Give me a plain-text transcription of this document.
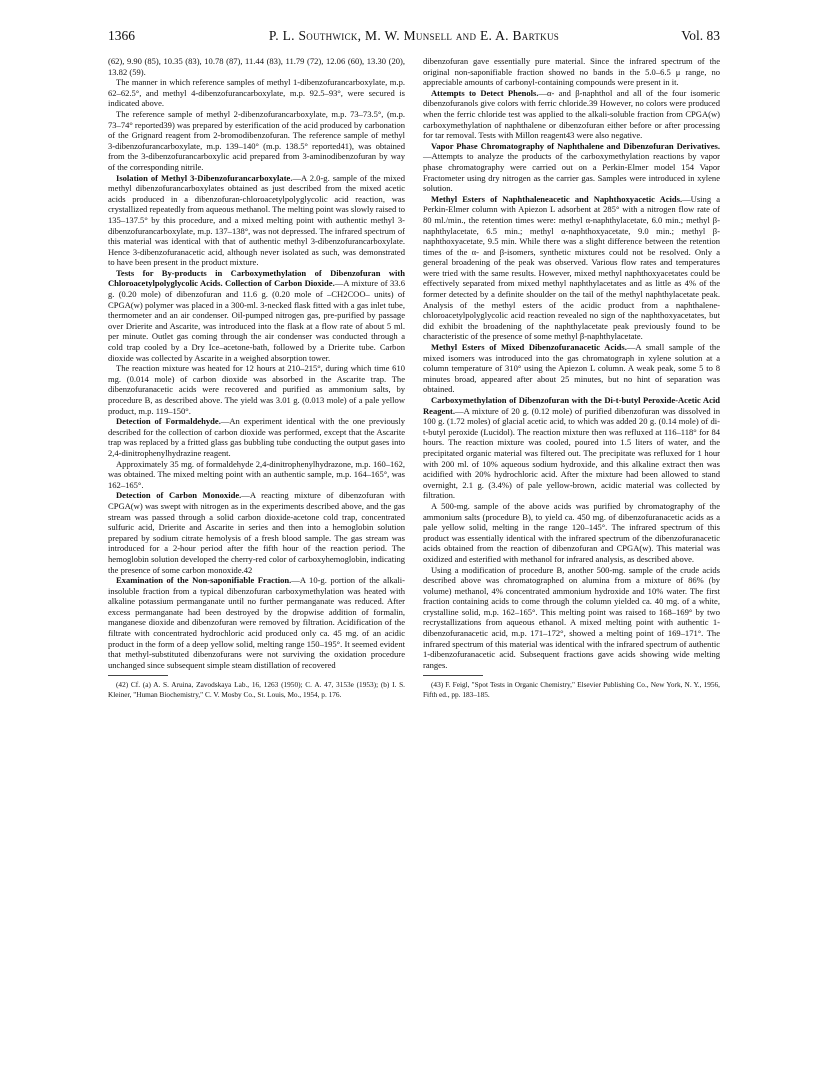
1366	P. L. Southwick, M. W. Munsell and E. A. Bartkus	Vol. 83

(62), 9.90 (85), 10.35 (83), 10.78 (87), 11.44 (83), 11.79 (72), 12.06 (60), 13.30 (20), 13.82 (59).

The manner in which reference samples of methyl 1-dibenzofurancarboxylate, m.p. 62–62.5°, and methyl 4-dibenzofurancarboxylate, m.p. 92.5–93°, were secured is indicated above.

The reference sample of methyl 2-dibenzofurancarboxylate, m.p. 73–73.5°, (m.p. 73–74° reported39) was prepared by esterification of the acid produced by carbonation of the Grignard reagent from 2-bromodibenzofuran. The reference sample of methyl 3-dibenzofurancarboxylate, m.p. 139–140° (m.p. 138.5° reported41), was obtained from the 3-dibenzofurancarboxylic acid prepared from 3-aminodibenzofuran by way of the corresponding nitrile.

Isolation of Methyl 3-Dibenzofurancarboxylate.—A 2.0-g. sample of the mixed methyl dibenzofurancarboxylates obtained as just described from the mixed acetic acids produced in a dibenzofuran-chloroacetylpolyglycolic acid reaction, was crystallized repeatedly from aqueous methanol. The melting point was slowly raised to 135–137.5° by this procedure, and a mixed melting point with authentic methyl 3-dibenzofurancarboxylate, m.p. 137–138°, was not depressed. The infrared spectrum of this material was identical with that of authentic methyl 3-dibenzofurancarboxylate. Hence 3-dibenzofuranacetic acid, although never isolated as such, was demonstrated to have been present in the product mixture.

Tests for By-products in Carboxymethylation of Dibenzofuran with Chloroacetylpolyglycolic Acids. Collection of Carbon Dioxide.—A mixture of 33.6 g. (0.20 mole) of dibenzofuran and 11.6 g. (0.20 mole of –CH2COO– units) of CPGA(w) polymer was placed in a 300-ml. 3-necked flask fitted with a gas inlet tube, thermometer and an air condenser. Oil-pumped nitrogen gas, pre-purified by passage over Drierite and Ascarite, was introduced into the flask at a flow rate of about 5 ml. per minute. Outlet gas coming through the air condenser was conducted through a cold trap cooled by a Dry Ice–acetone-bath, followed by a Drierite tube. Carbon dioxide was collected by Ascarite in a weighed absorption tower.

The reaction mixture was heated for 12 hours at 210–215°, during which time 610 mg. (0.014 mole) of carbon dioxide was absorbed in the Ascarite trap. The dibenzofuranacetic acids were recovered and purified as ammonium salts, by procedure B, as described above. The yield was 3.01 g. (0.013 mole) of a pale yellow product, m.p. 119–150°.

Detection of Formaldehyde.—An experiment identical with the one previously described for the collection of carbon dioxide was performed, except that the Ascarite trap was replaced by a fritted glass gas bubbling tube conducting the output gases into 2,4-dinitrophenylhydrazine reagent.

Approximately 35 mg. of formaldehyde 2,4-dinitrophenylhydrazone, m.p. 160–162, was obtained. The mixed melting point with an authentic sample, m.p. 164–165°, was 162–165°.

Detection of Carbon Monoxide.—A reacting mixture of dibenzofuran with CPGA(w) was swept with nitrogen as in the experiments described above, and the gas stream was passed through a solid carbon dioxide-acetone cold trap, concentrated sulfuric acid, Drierite and Ascarite in series and then into a hemoglobin solution prepared by sodium citrate hemolysis of a fresh blood sample. The gas stream was introduced for a 2-hour period after the fifth hour of the reaction period. The hemoglobin solution developed the cherry-red color of carboxyhemoglobin, indicating the presence of some carbon monoxide.42

Examination of the Non-saponifiable Fraction.—A 10-g. portion of the alkali-insoluble fraction from a typical dibenzofuran carboxymethylation was heated with alkaline potassium permanganate until no further permanganate was reduced. After excess permanganate had been destroyed by the dropwise addition of formalin, manganese dioxide and dibenzofuran were removed by filtration. Acidification of the filtrate with concentrated hydrochloric acid produced only ca. 45 mg. of an acidic product in the form of a deep yellow solid, melting range 150–195°. It seemed evident that methyl-substituted dibenzofurans were not surviving the oxidation procedure unchanged since subsequent simple steam distillation of recovered

(42) Cf. (a) A. S. Aruina, Zavodskaya Lab., 16, 1263 (1950); C. A. 47, 3153e (1953); (b) I. S. Kleiner, "Human Biochemistry," C. V. Mosby Co., St. Louis, Mo., 1954, p. 176.

dibenzofuran gave essentially pure material. Since the infrared spectrum of the original non-saponifiable fraction showed no bands in the 5.0–6.5 μ range, no appreciable amounts of carbonyl-containing compounds were present in it.

Attempts to Detect Phenols.—α- and β-naphthol and all of the four isomeric dibenzofuranols give colors with ferric chloride.39 However, no colors were produced when the ferric chloride test was applied to the alkali-soluble fraction from CPGA(w) carboxymethylation of naphthalene or dibenzofuran either before or after processing for tar removal. Tests with Millon reagent43 were also negative.

Vapor Phase Chromatography of Naphthalene and Dibenzofuran Derivatives.—Attempts to analyze the products of the carboxymethylation reactions by vapor phase chromatography were carried out on a Perkin-Elmer model 154 Vapor Fractometer using dry nitrogen as the carrier gas. Samples were introduced in xylene solution.

Methyl Esters of Naphthaleneacetic and Naphthoxyacetic Acids.—Using a Perkin-Elmer column with Apiezon L adsorbent at 285° with a nitrogen flow rate of 80 ml./min., the retention times were: methyl α-naphthylacetate, 6.0 min.; methyl β-naphthylacetate, 6.5 min.; methyl α-naphthoxyacetate, 9.0 min.; methyl β-naphthoxyacetate, 9.5 min. While there was a slight difference between the retention times of the α- and β-isomers, synthetic mixtures could not be resolved. Only a general broadening of the peak was observed. Various flow rates and temperatures were tried with the same results. However, mixed methyl naphthoxyacetates could be effectively separated from mixed methyl naphthylacetates and as little as 4% of the former detected by a definite shoulder on the tail of the methyl naphthylacetate peak. Analysis of the methyl esters of the acidic product from a naphthalene-chloroacetylpolyglycolic acid reaction revealed no sign of the naphthoxyacetates, but did exhibit the broadening of the naphthylacetate peak previously found to be characteristic of the presence of some methyl β-naphthylacetate.

Methyl Esters of Mixed Dibenzofuranacetic Acids.—A small sample of the mixed isomers was introduced into the gas chromatograph in xylene solution at a column temperature of 310° using the Apiezon L column. A weak peak, some 5 to 8 minutes broad, appeared after about 25 minutes, but no hint of separation was obtained.

Carboxymethylation of Dibenzofuran with the Di-t-butyl Peroxide-Acetic Acid Reagent.—A mixture of 20 g. (0.12 mole) of purified dibenzofuran was dissolved in 100 g. (1.72 moles) of glacial acetic acid, to which was added 20 g. (0.14 mole) of di-t-butyl peroxide (Lucidol). The reaction mixture then was refluxed at 116–118° for 84 hours. The reaction mixture was cooled, poured into 1.5 liters of water, and the precipitated organic material was filtered out. The precipitate was refluxed for 1 hour with 200 ml. of 10% aqueous sodium hydroxide, and this alkaline extract then was acidified with 20% hydrochloric acid. After the mixture had been allowed to stand overnight, 2.1 g. (3.4%) of pale yellow-brown, acidic material was collected by filtration.

A 500-mg. sample of the above acids was purified by chromatography of the ammonium salts (procedure B), to yield ca. 450 mg. of dibenzofuranacetic acids as a pale yellow solid, melting in the range 120–145°. The infrared spectrum of this product was essentially identical with the infrared spectrum of the dibenzofuranacetic acids obtained from the reaction of dibenzofuran and CPGA(w). This material was oxidized and esterified with methanol for infrared analysis, as described above.

Using a modification of procedure B, another 500-mg. sample of the crude acids described above was chromatographed on alumina from a mixture of 86% (by volume) methanol, 4% concentrated ammonium hydroxide and 10% water. The first fraction containing acids to come through the column yielded ca. 40 mg. of a white, crystalline solid, m.p. 162–165°. This melting point was raised to 168–169° by two recrystallizations from aqueous ethanol. A mixed melting point with authentic 1-dibenzofuranacetic acid, m.p. 171–172°, showed a melting point of 169–171°. The infrared spectrum of this material was identical with the infrared spectrum of authentic 1-dibenzofuranacetic acid. Subsequent fractions gave acids showing wide melting ranges.

(43) F. Feigl, "Spot Tests in Organic Chemistry," Elsevier Publishing Co., New York, N. Y., 1956, Fifth ed., pp. 183–185.
